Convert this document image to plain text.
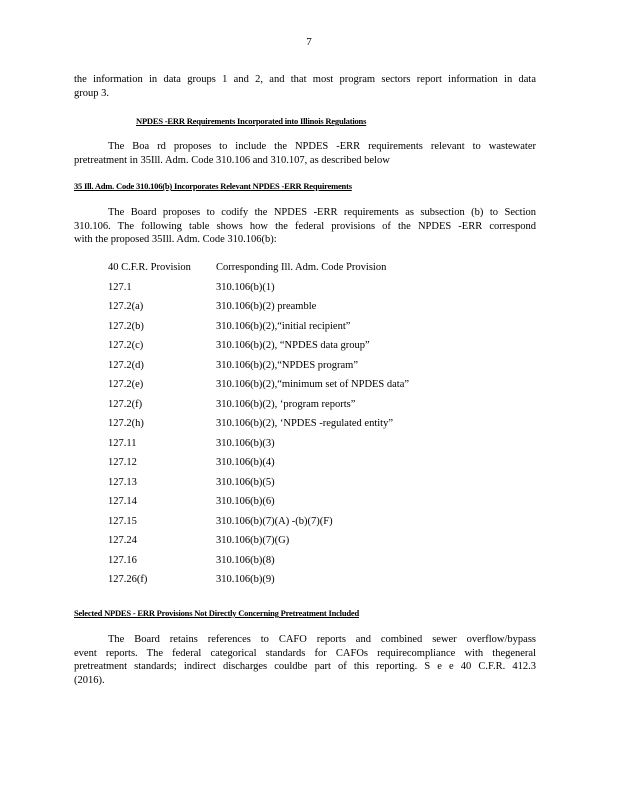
7
the information in data groups 1 and 2, and that most program sectors report information in data
group 3.
NPDES -ERR Requirements Incorporated into Illinois Regulations
The Boa rd proposes to include the NPDES -ERR requirements relevant to wastewater
pretreatment in 35Ill. Adm. Code 310.106 and 310.107, as described below
35 Ill. Adm. Code 310.106(b) Incorporates Relevant NPDES -ERR Requirements
The Board proposes to codify the NPDES -ERR requirements as subsection (b) to Section
310.106. The following table shows how the federal provisions of the NPDES -ERR correspond
with the proposed 35Ill. Adm. Code 310.106(b):
40 C.F.R. Provision Corresponding Ill. Adm. Code Provision
127.1	310.106(b)(1)
127.2(a)	310.106(b)(2) preamble
127.2(b)	310.106(b)(2),“initial recipient”
127.2(c)	310.106(b)(2), “NPDES data group”
127.2(d)	310.106(b)(2),“NPDES program”
127.2(e)	310.106(b)(2),“minimum set of NPDES data”
127.2(f)	310.106(b)(2), ‘program reports”
127.2(h)	310.106(b)(2), ‘NPDES -regulated entity”
127.11	310.106(b)(3)
127.12	310.106(b)(4)
127.13	310.106(b)(5)
127.14	310.106(b)(6)
127.15	310.106(b)(7)(A) -(b)(7)(F)
127.24	310.106(b)(7)(G)
127.16	310.106(b)(8)
127.26(f)	310.106(b)(9)
Selected NPDES - ERR Provisions Not Directly Concerning Pretreatment Included
The Board retains references to CAFO reports and combined sewer overflow/bypass
event reports. The federal categorical standards for CAFOs requirecompliance with thegeneral
pretreatment standards; indirect discharges couldbe part of this reporting. S e e 40 C.F.R. 412.3
(2016).
